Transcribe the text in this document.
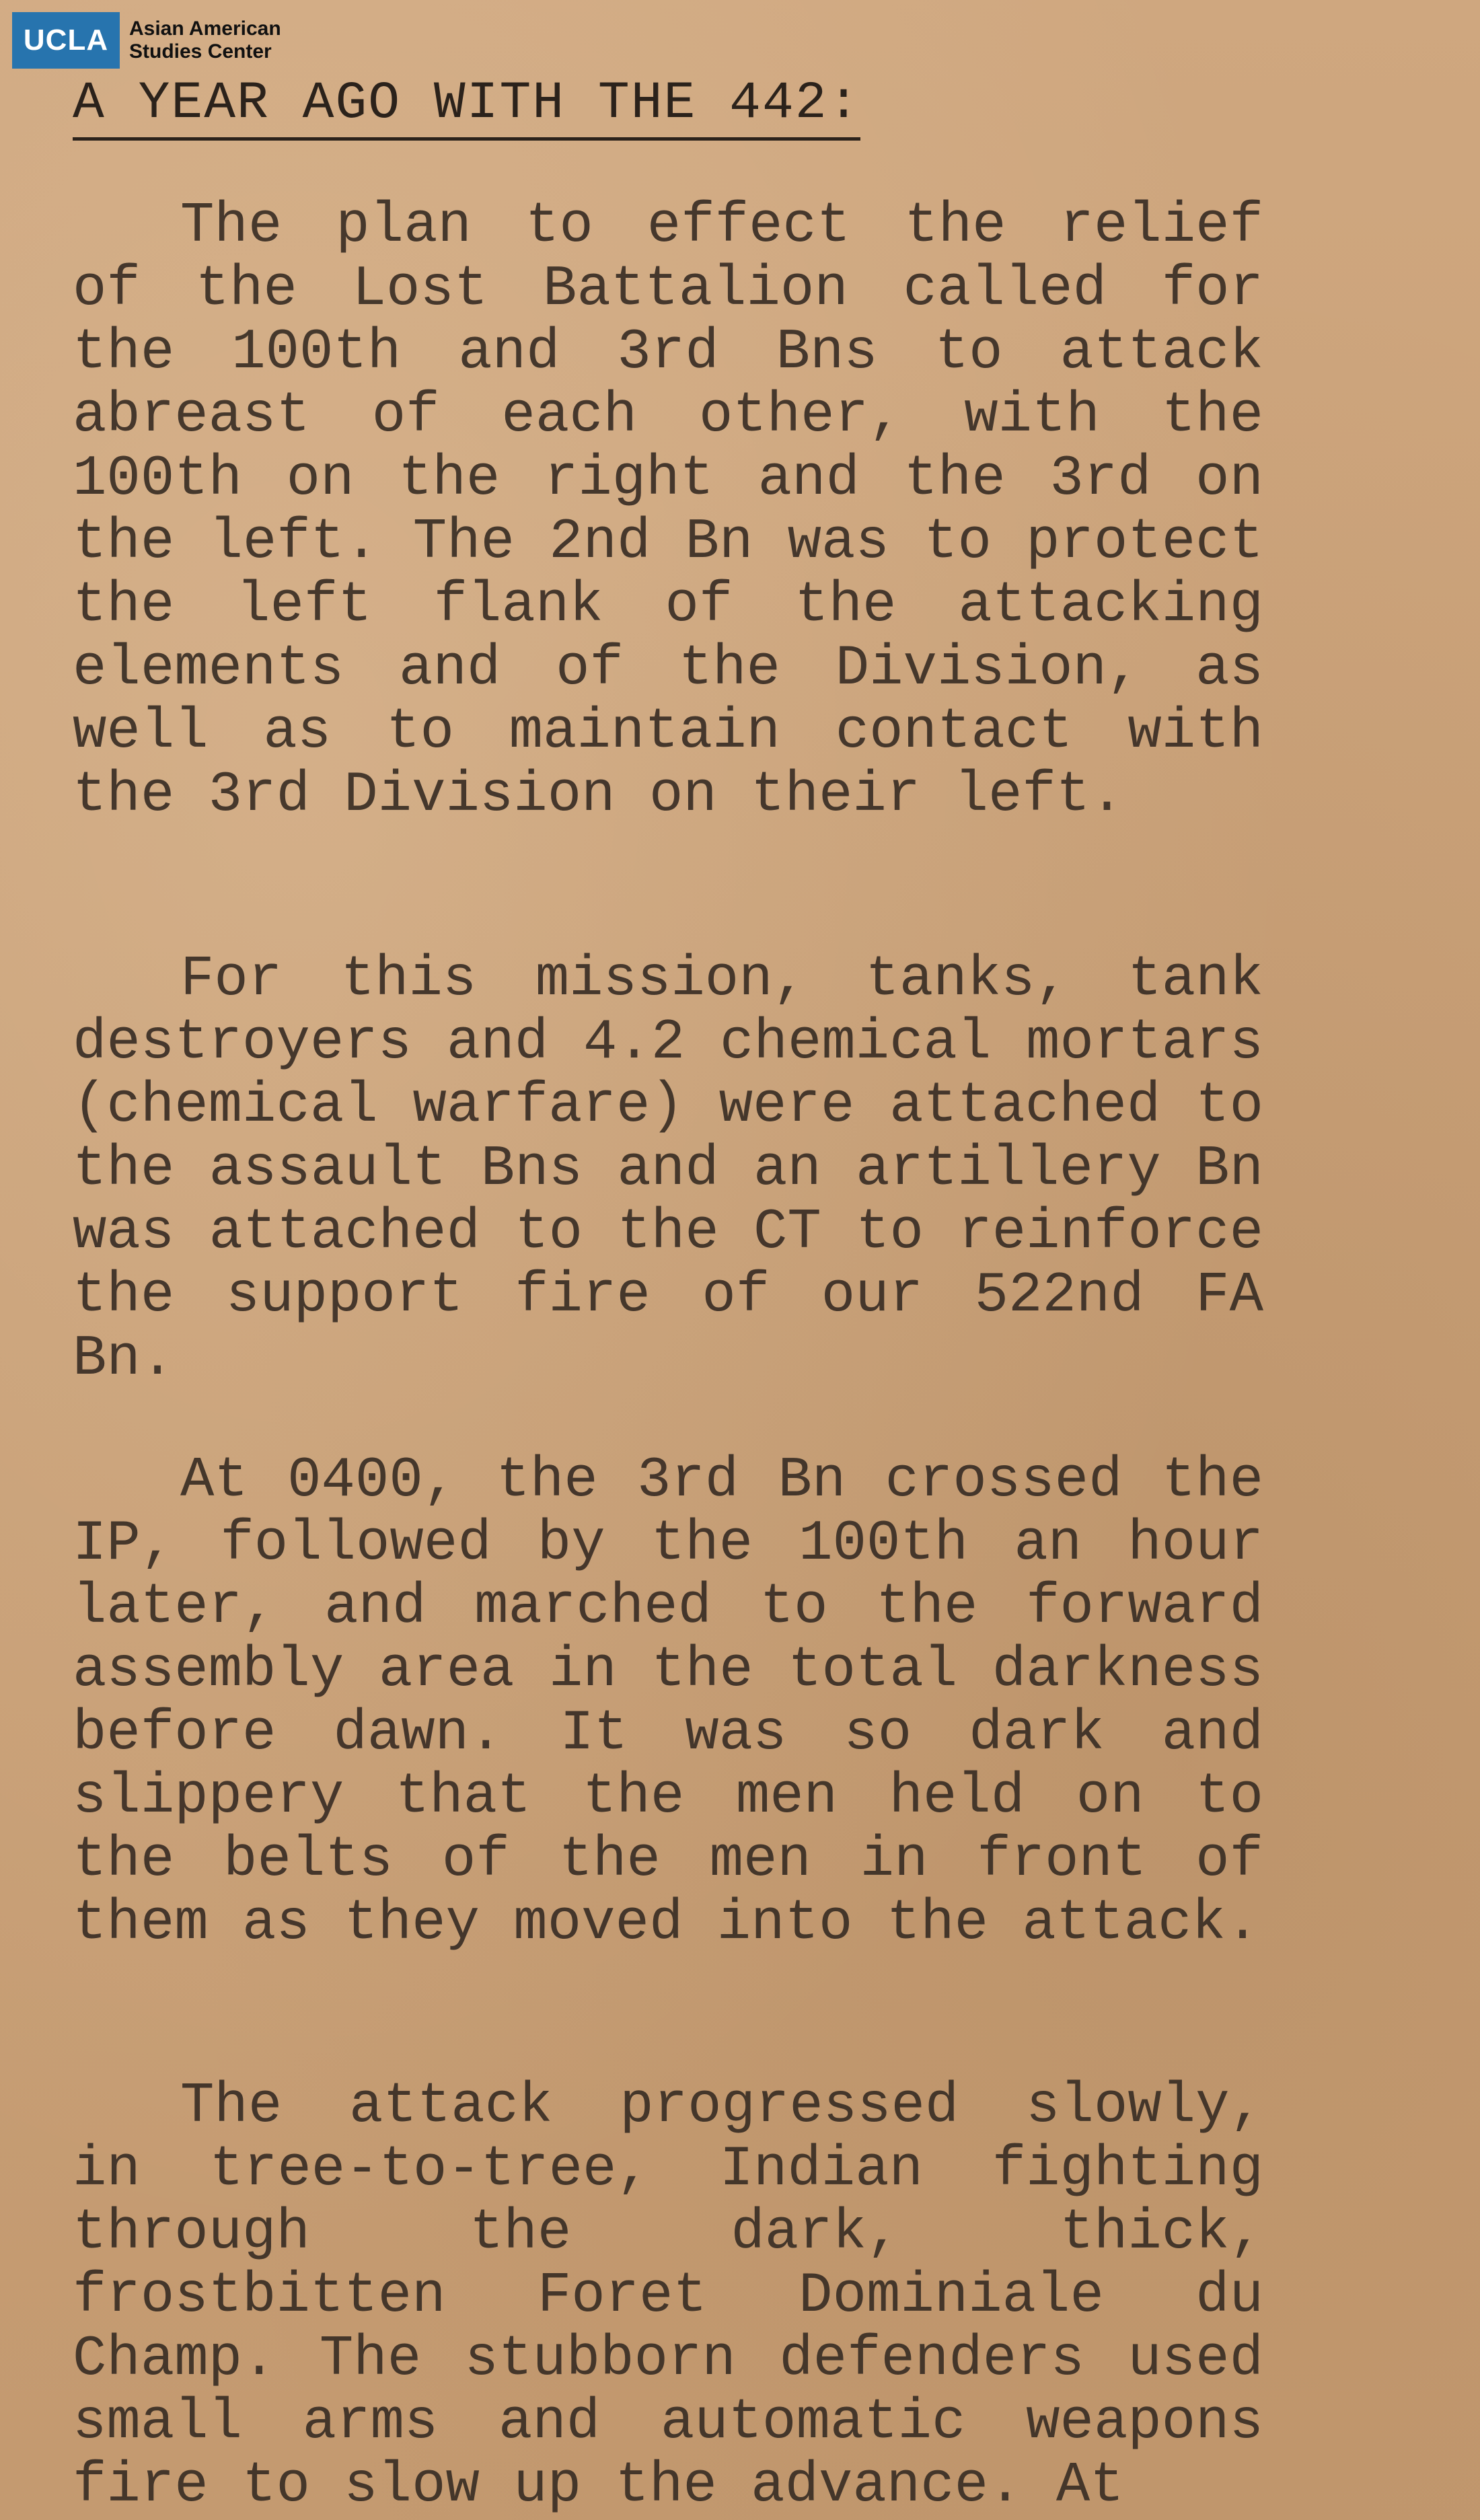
UCLA	Asian American
Studies Center
A YEAR AGO WITH THE 442:

The plan to effect the relief of the Lost Battalion called for the 100th and 3rd Bns to attack abreast of each other, with the 100th on the right and the 3rd on the left. The 2nd Bn was to protect the left flank of the attacking elements and of the Division, as well as to maintain contact with the 3rd Division on their left.

For this mission, tanks, tank destroyers and 4.2 chemical mortars (chemical warfare) were attached to the assault Bns and an artillery Bn was attached to the CT to reinforce the support fire of our 522nd FA Bn.

At 0400, the 3rd Bn crossed the IP, followed by the 100th an hour later, and marched to the forward assembly area in the total darkness before dawn. It was so dark and slippery that the men held on to the belts of the men in front of them as they moved into the attack.

The attack progressed slowly, in tree-to-tree, Indian fighting through the dark, thick, frostbitten Foret Dominiale du Champ. The stubborn defenders used small arms and automatic weapons fire to slow up the advance. At
